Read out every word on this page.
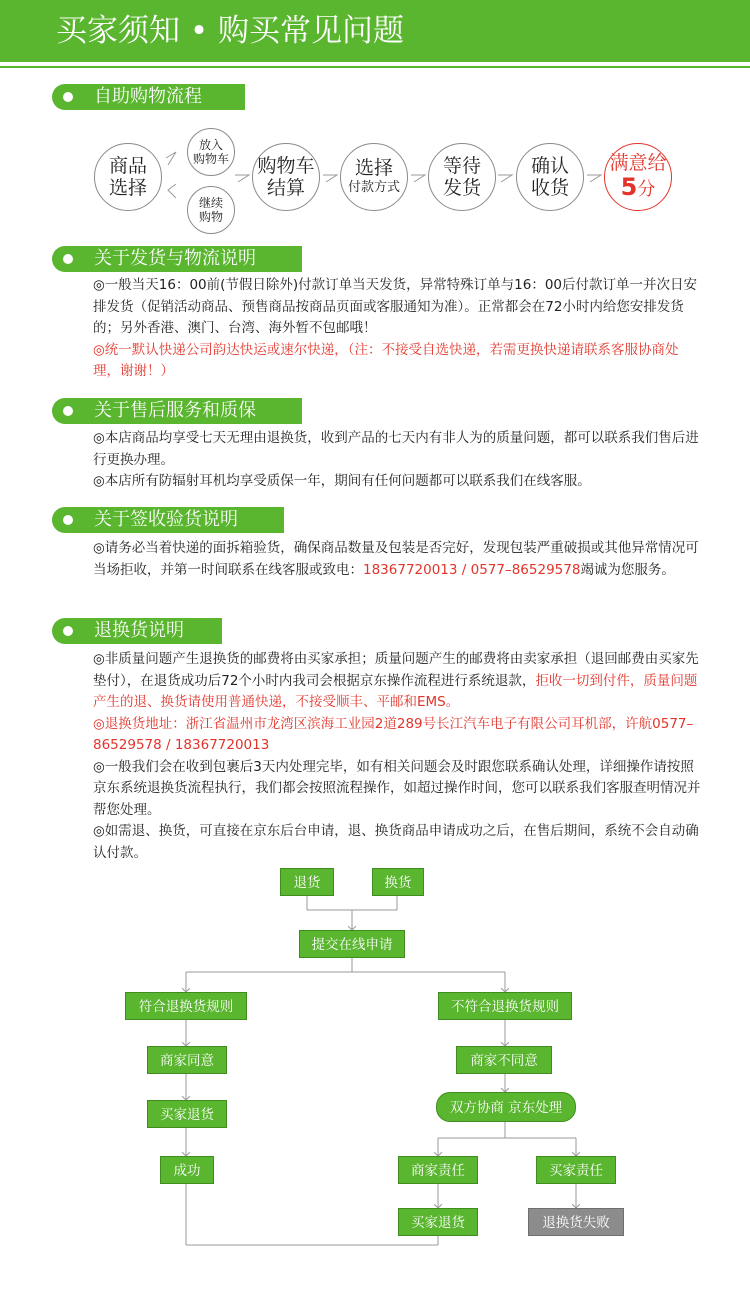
买家须知 • 购买常见问题
自助购物流程
商品
选择
放入
购物车
继续
购物
购物车
结算
选择
付款方式
等待
发货
确认
收货
满意给
5分
关于发货与物流说明
◎一般当天16：00前(节假日除外)付款订单当天发货，异常特殊订单与16：00后付款订单一并次日安排发货（促销活动商品、预售商品按商品页面或客服通知为准）。正常都会在72小时内给您安排发货的；另外香港、澳门、台湾、海外暂不包邮哦！
◎统一默认快递公司韵达快运或速尔快递，（注：不接受自选快递，若需更换快递请联系客服协商处理，谢谢！）
关于售后服务和质保
◎本店商品均享受七天无理由退换货，收到产品的七天内有非人为的质量问题，都可以联系我们售后进行更换办理。
◎本店所有防辐射耳机均享受质保一年，期间有任何问题都可以联系我们在线客服。
关于签收验货说明
◎请务必当着快递的面拆箱验货，确保商品数量及包装是否完好，发现包装严重破损或其他异常情况可当场拒收，并第一时间联系在线客服或致电：18367720013 / 0577–86529578竭诚为您服务。
退换货说明
◎非质量问题产生退换货的邮费将由买家承担；质量问题产生的邮费将由卖家承担（退回邮费由买家先垫付），在退货成功后72个小时内我司会根据京东操作流程进行系统退款，拒收一切到付件，质量问题产生的退、换货请使用普通快递，不接受顺丰、平邮和EMS。
◎退换货地址：浙江省温州市龙湾区滨海工业园2道289号长江汽车电子有限公司耳机部，许航0577–86529578 / 18367720013
◎一般我们会在收到包裹后3天内处理完毕，如有相关问题会及时跟您联系确认处理，详细操作请按照京东系统退换货流程执行，我们都会按照流程操作，如超过操作时间，您可以联系我们客服查明情况并帮您处理。
◎如需退、换货，可直接在京东后台申请，退、换货商品申请成功之后，在售后期间，系统不会自动确认付款。
退货	换货
提交在线申请
符合退换货规则	不符合退换货规则
商家同意	商家不同意
买家退货	双方协商 京东处理
成功	商家责任	买家责任
买家退货	退换货失败
